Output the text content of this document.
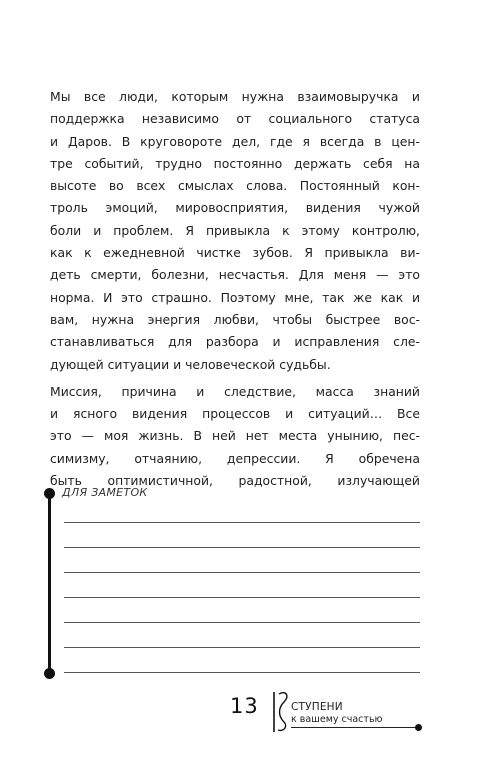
Мы все люди, которым нужна взаимовыручка и
поддержка независимо от социального статуса
и Даров. В круговороте дел, где я всегда в цен-
тре событий, трудно постоянно держать себя на
высоте во всех смыслах слова. Постоянный кон-
троль эмоций, мировосприятия, видения чужой
боли и проблем. Я привыкла к этому контролю,
как к ежедневной чистке зубов. Я привыкла ви-
деть смерти, болезни, несчастья. Для меня — это
норма. И это страшно. Поэтому мне, так же как и
вам, нужна энергия любви, чтобы быстрее вос-
станавливаться для разбора и исправления сле-
дующей ситуации и человеческой судьбы.

Миссия, причина и следствие, масса знаний
и ясного видения процессов и ситуаций… Все
это — моя жизнь. В ней нет места унынию, пес-
симизму, отчаянию, депрессии. Я обречена
быть оптимистичной, радостной, излучающей

ДЛЯ ЗАМЕТОК
13	СТУПЕНИ
к вашему счастью
